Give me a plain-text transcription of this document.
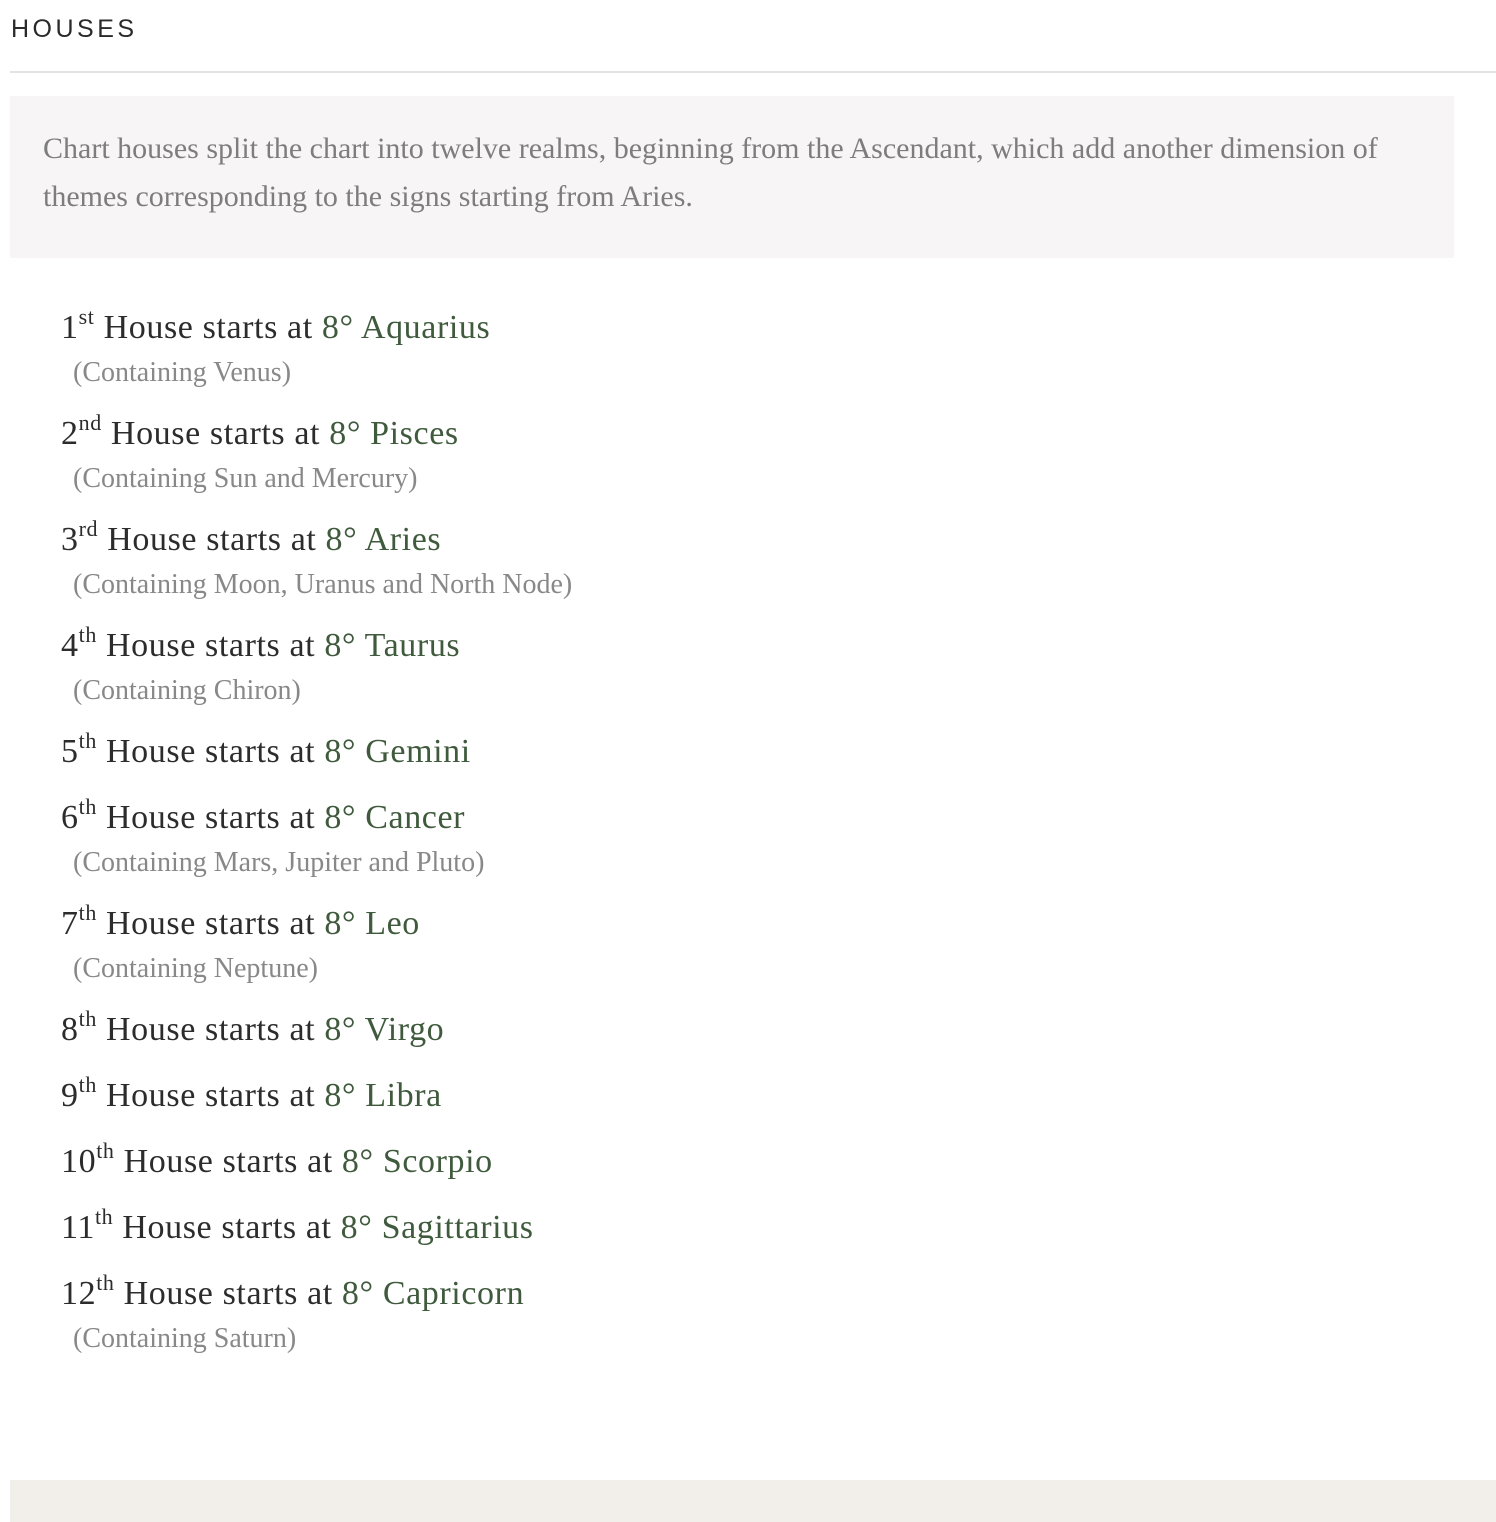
HOUSES

Chart houses split the chart into twelve realms, beginning from the Ascendant, which add another dimension of themes corresponding to the signs starting from Aries.

1st House starts at 8° Aquarius
(Containing Venus)
2nd House starts at 8° Pisces
(Containing Sun and Mercury)
3rd House starts at 8° Aries
(Containing Moon, Uranus and North Node)
4th House starts at 8° Taurus
(Containing Chiron)
5th House starts at 8° Gemini
6th House starts at 8° Cancer
(Containing Mars, Jupiter and Pluto)
7th House starts at 8° Leo
(Containing Neptune)
8th House starts at 8° Virgo
9th House starts at 8° Libra
10th House starts at 8° Scorpio
11th House starts at 8° Sagittarius
12th House starts at 8° Capricorn
(Containing Saturn)
